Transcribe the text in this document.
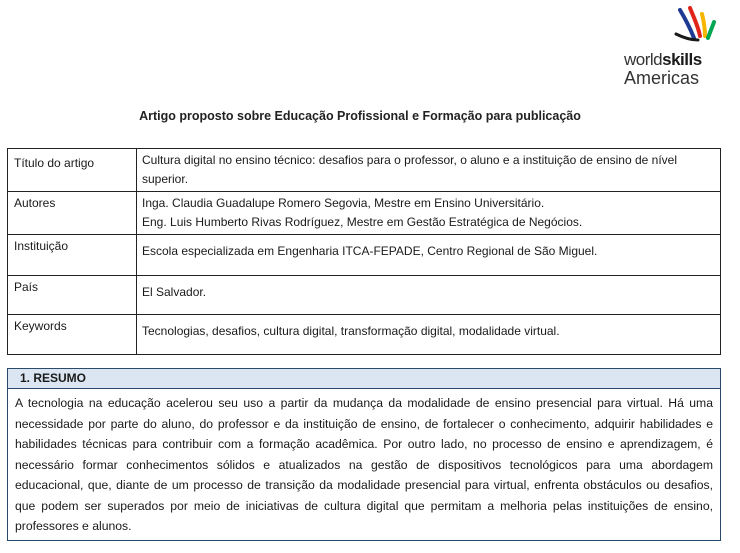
worldskills
Americas
Artigo proposto sobre Educação Profissional e Formação para publicação
Título do artigo	Cultura digital no ensino técnico: desafios para o professor, o aluno e a instituição de ensino de nível superior.
Autores	Inga. Claudia Guadalupe Romero Segovia, Mestre em Ensino Universitário.
Eng. Luis Humberto Rivas Rodríguez, Mestre em Gestão Estratégica de Negócios.

Instituição	Escola especializada em Engenharia ITCA-FEPADE, Centro Regional de São Miguel.

País	El Salvador.

Keywords	Tecnologias, desafios, cultura digital, transformação digital, modalidade virtual.
1. RESUMO
A tecnologia na educação acelerou seu uso a partir da mudança da modalidade de ensino presencial para virtual. Há uma necessidade por parte do aluno, do professor e da instituição de ensino, de fortalecer o conhecimento, adquirir habilidades e habilidades técnicas para contribuir com a formação acadêmica. Por outro lado, no processo de ensino e aprendizagem, é necessário formar conhecimentos sólidos e atualizados na gestão de dispositivos tecnológicos para uma abordagem educacional, que, diante de um processo de transição da modalidade presencial para virtual, enfrenta obstáculos ou desafios, que podem ser superados por meio de iniciativas de cultura digital que permitam a melhoria pelas instituições de ensino, professores e alunos.
